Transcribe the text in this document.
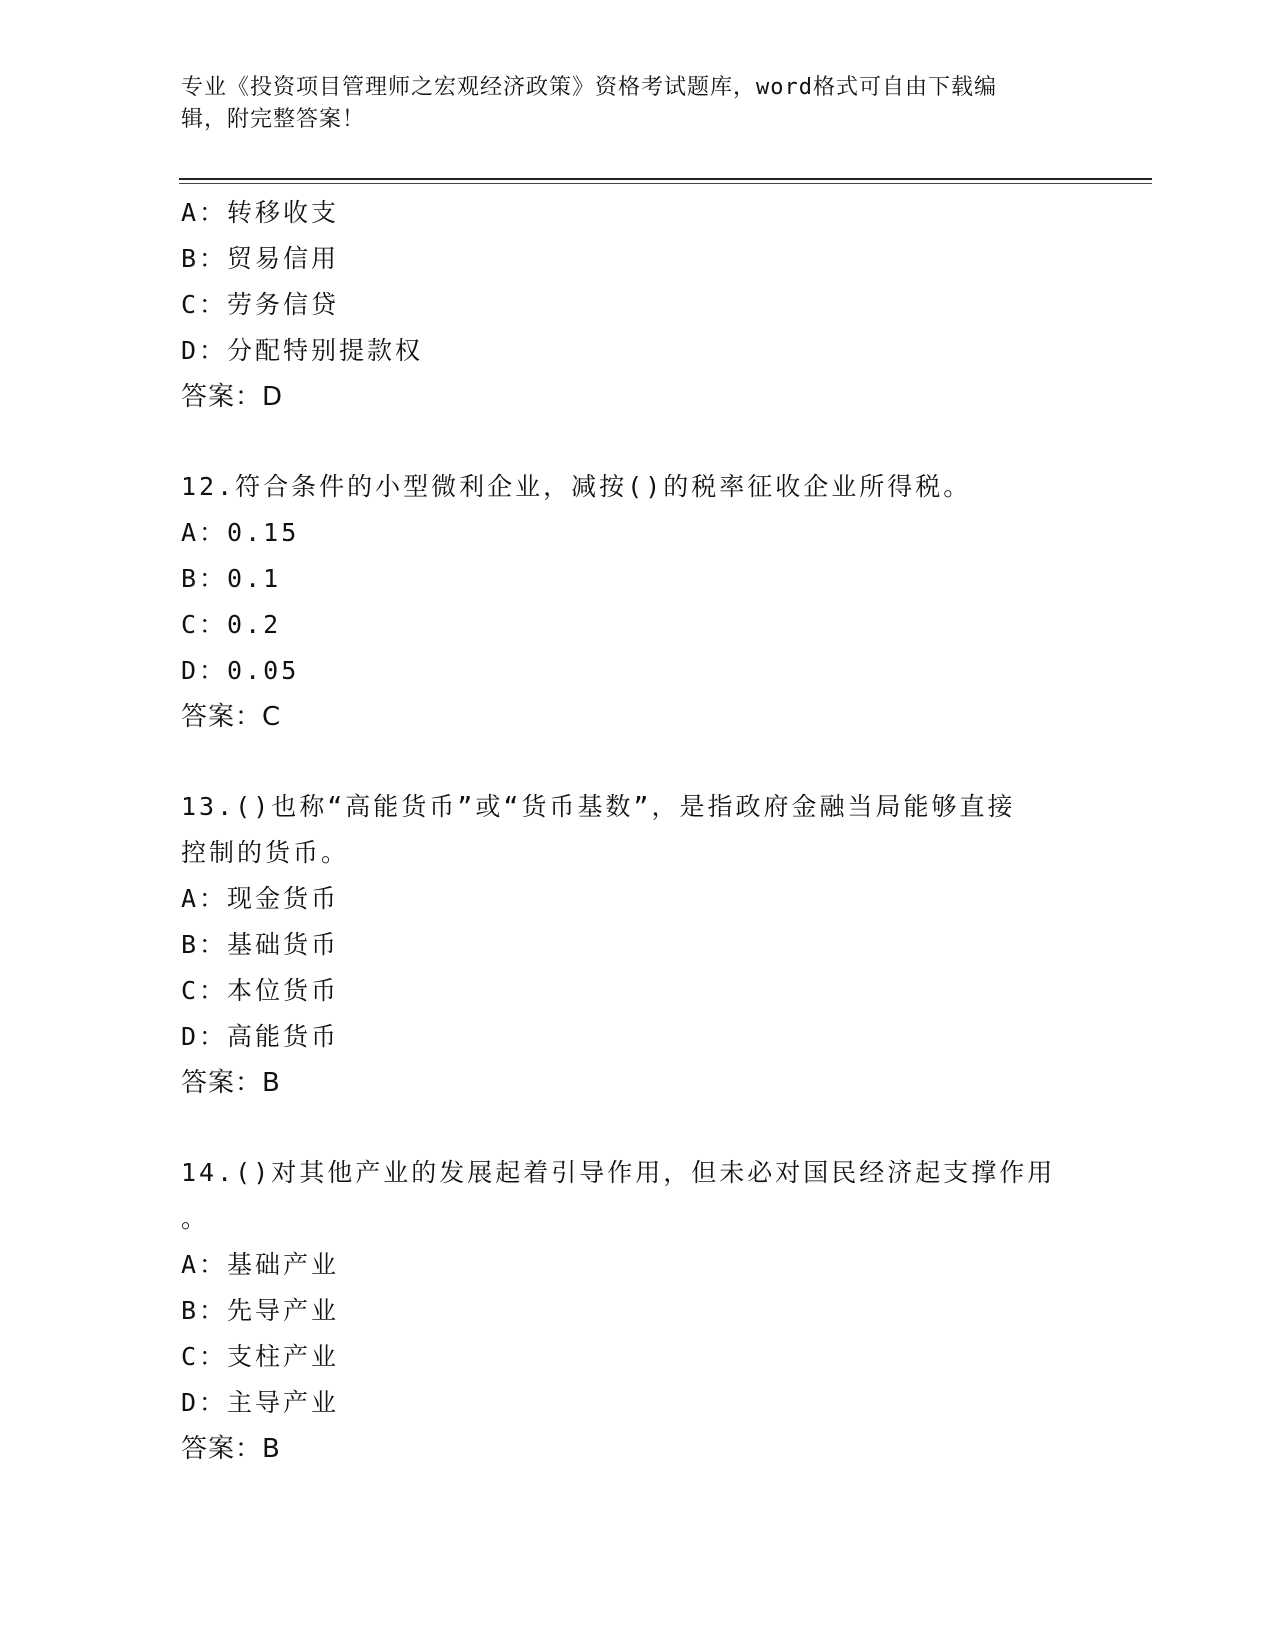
专业《投资项目管理师之宏观经济政策》资格考试题库，word格式可自由下载编
辑，附完整答案！
A：转移收支
B：贸易信用
C：劳务信贷
D：分配特别提款权
答案：D
12.符合条件的小型微利企业，减按()的税率征收企业所得税。
A：0.15
B：0.1
C：0.2
D：0.05
答案：C
13.()也称“高能货币”或“货币基数”，是指政府金融当局能够直接
控制的货币。
A：现金货币
B：基础货币
C：本位货币
D：高能货币
答案：B
14.()对其他产业的发展起着引导作用，但未必对国民经济起支撑作用
。
A：基础产业
B：先导产业
C：支柱产业
D：主导产业
答案：B
